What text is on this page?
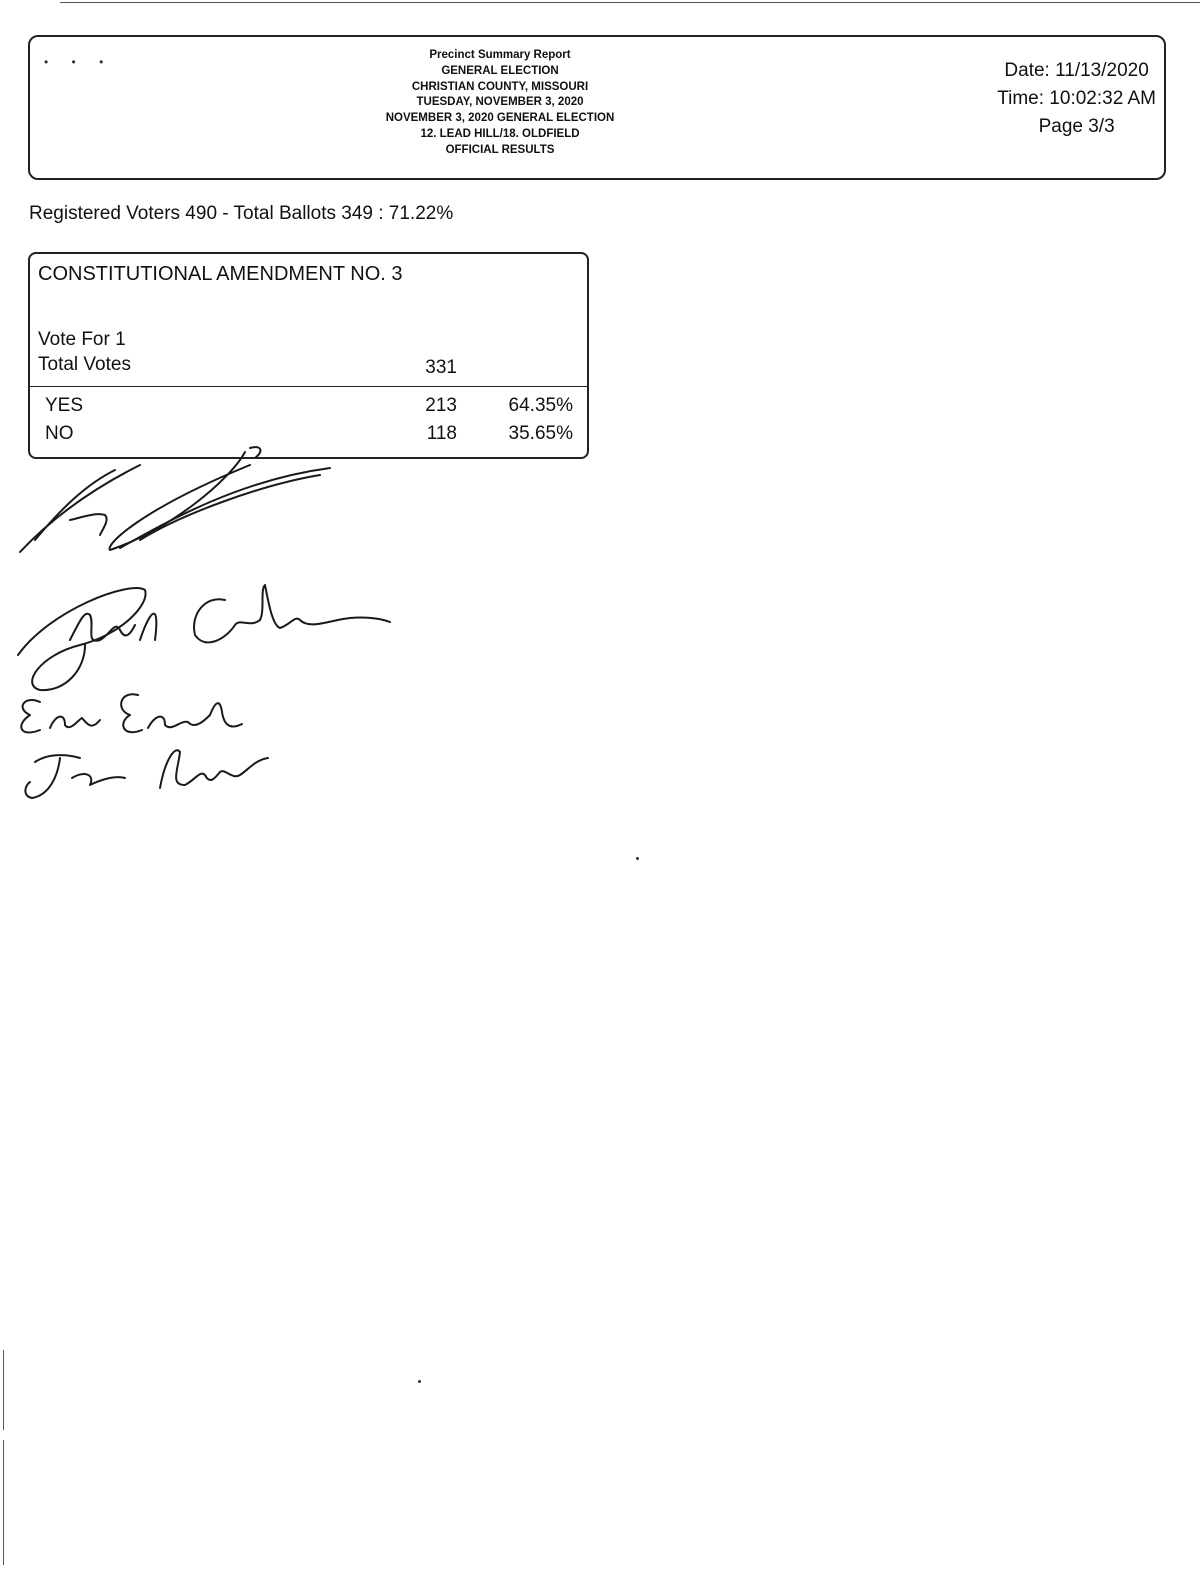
• • •	Precinct Summary Report
GENERAL ELECTION
CHRISTIAN COUNTY, MISSOURI
TUESDAY, NOVEMBER 3, 2020
NOVEMBER 3, 2020 GENERAL ELECTION
12. LEAD HILL/18. OLDFIELD
OFFICIAL RESULTS
Date: 11/13/2020
Time: 10:02:32 AM
Page 3/3
Registered Voters 490 - Total Ballots 349 : 71.22%
CONSTITUTIONAL AMENDMENT NO. 3
Vote For 1
Total Votes	331
YES	213	64.35%
NO	118	35.65%
